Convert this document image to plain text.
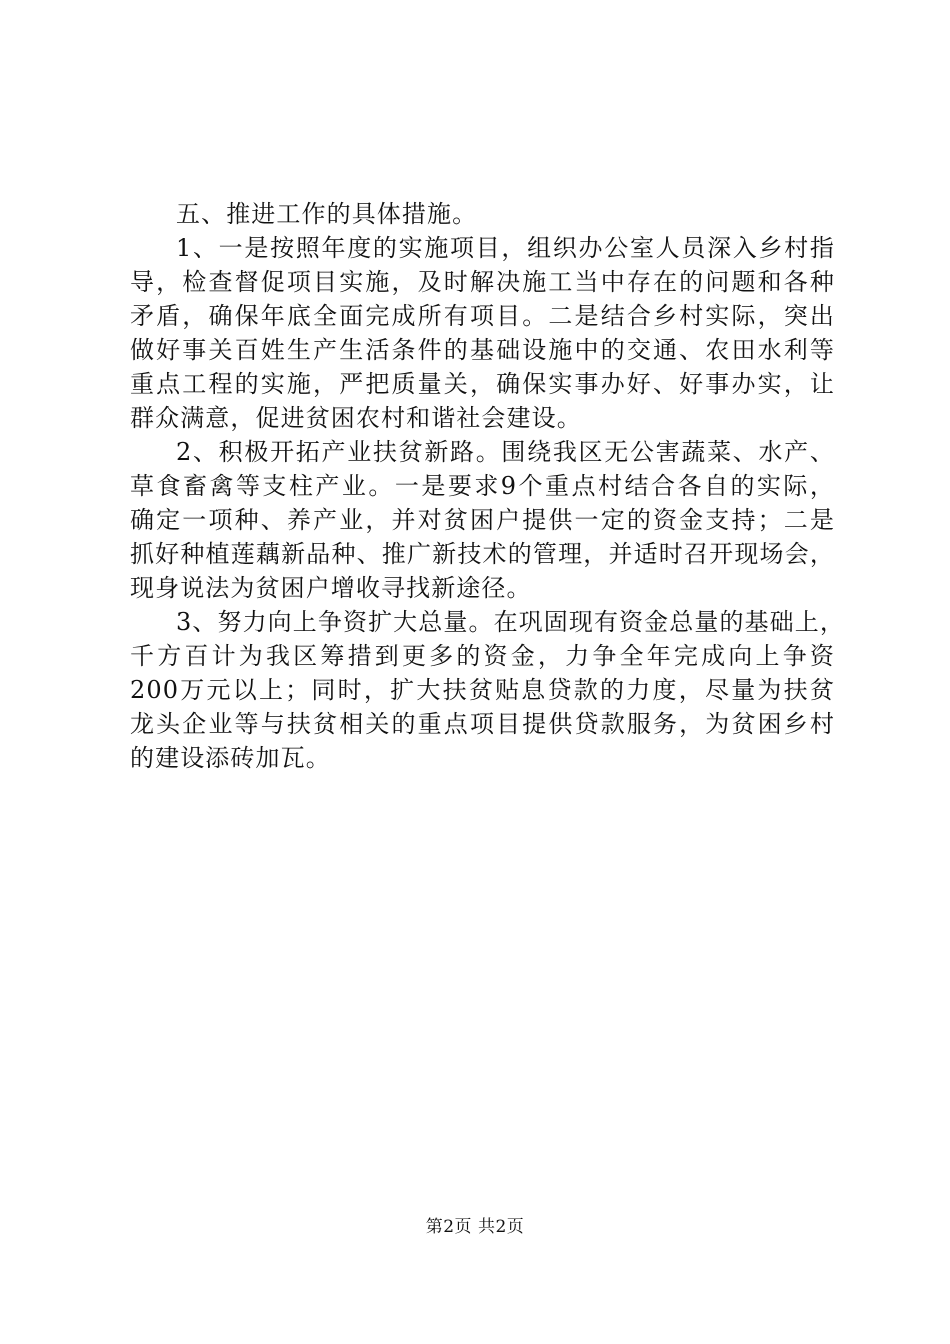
五、推进工作的具体措施。
1、一是按照年度的实施项目，组织办公室人员深入乡村指
导，检查督促项目实施，及时解决施工当中存在的问题和各种
矛盾，确保年底全面完成所有项目。二是结合乡村实际，突出
做好事关百姓生产生活条件的基础设施中的交通、农田水利等
重点工程的实施，严把质量关，确保实事办好、好事办实，让
群众满意，促进贫困农村和谐社会建设。
2、积极开拓产业扶贫新路。围绕我区无公害蔬菜、水产、
草食畜禽等支柱产业。一是要求9个重点村结合各自的实际，
确定一项种、养产业，并对贫困户提供一定的资金支持；二是
抓好种植莲藕新品种、推广新技术的管理，并适时召开现场会，
现身说法为贫困户增收寻找新途径。
3、努力向上争资扩大总量。在巩固现有资金总量的基础上，
千方百计为我区筹措到更多的资金，力争全年完成向上争资
200万元以上；同时，扩大扶贫贴息贷款的力度，尽量为扶贫
龙头企业等与扶贫相关的重点项目提供贷款服务，为贫困乡村
的建设添砖加瓦。
第2页 共2页
